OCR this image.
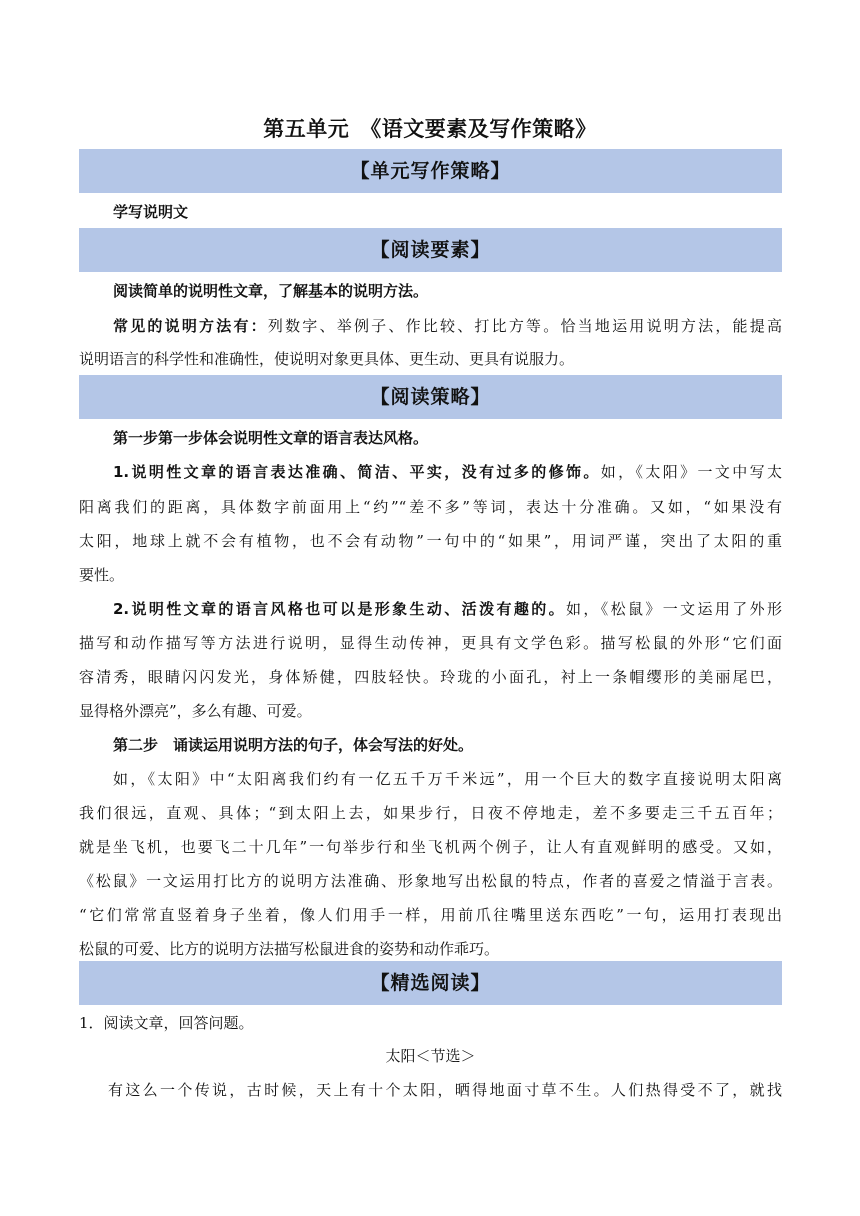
第五单元　《语文要素及写作策略》
【单元写作策略】
学写说明文
【阅读要素】
阅读简单的说明性文章，了解基本的说明方法。
常见的说明方法有：列数字、举例子、作比较、打比方等。恰当地运用说明方法，能提高
说明语言的科学性和准确性，使说明对象更具体、更生动、更具有说服力。
【阅读策略】
第一步第一步体会说明性文章的语言表达风格。
1.说明性文章的语言表达准确、简洁、平实，没有过多的修饰。如，《太阳》一文中写太
阳离我们的距离，具体数字前面用上“约”“差不多”等词，表达十分准确。又如，“如果没有
太阳，地球上就不会有植物，也不会有动物”一句中的“如果”，用词严谨，突出了太阳的重
要性。
2.说明性文章的语言风格也可以是形象生动、活泼有趣的。如，《松鼠》一文运用了外形
描写和动作描写等方法进行说明，显得生动传神，更具有文学色彩。描写松鼠的外形“它们面
容清秀，眼睛闪闪发光，身体矫健，四肢轻快。玲珑的小面孔，衬上一条帽缨形的美丽尾巴，
显得格外漂亮”，多么有趣、可爱。
第二步　诵读运用说明方法的句子，体会写法的好处。
如，《太阳》中“太阳离我们约有一亿五千万千米远”，用一个巨大的数字直接说明太阳离
我们很远，直观、具体；“到太阳上去，如果步行，日夜不停地走，差不多要走三千五百年；
就是坐飞机，也要飞二十几年”一句举步行和坐飞机两个例子，让人有直观鲜明的感受。又如，
《松鼠》一文运用打比方的说明方法准确、形象地写出松鼠的特点，作者的喜爱之情溢于言表。
“它们常常直竖着身子坐着，像人们用手一样，用前爪往嘴里送东西吃”一句，运用打表现出
松鼠的可爱、比方的说明方法描写松鼠进食的姿势和动作乖巧。
【精选阅读】
1．阅读文章，回答问题。
太阳＜节选＞
有这么一个传说，古时候，天上有十个太阳，晒得地面寸草不生。人们热得受不了，就找
